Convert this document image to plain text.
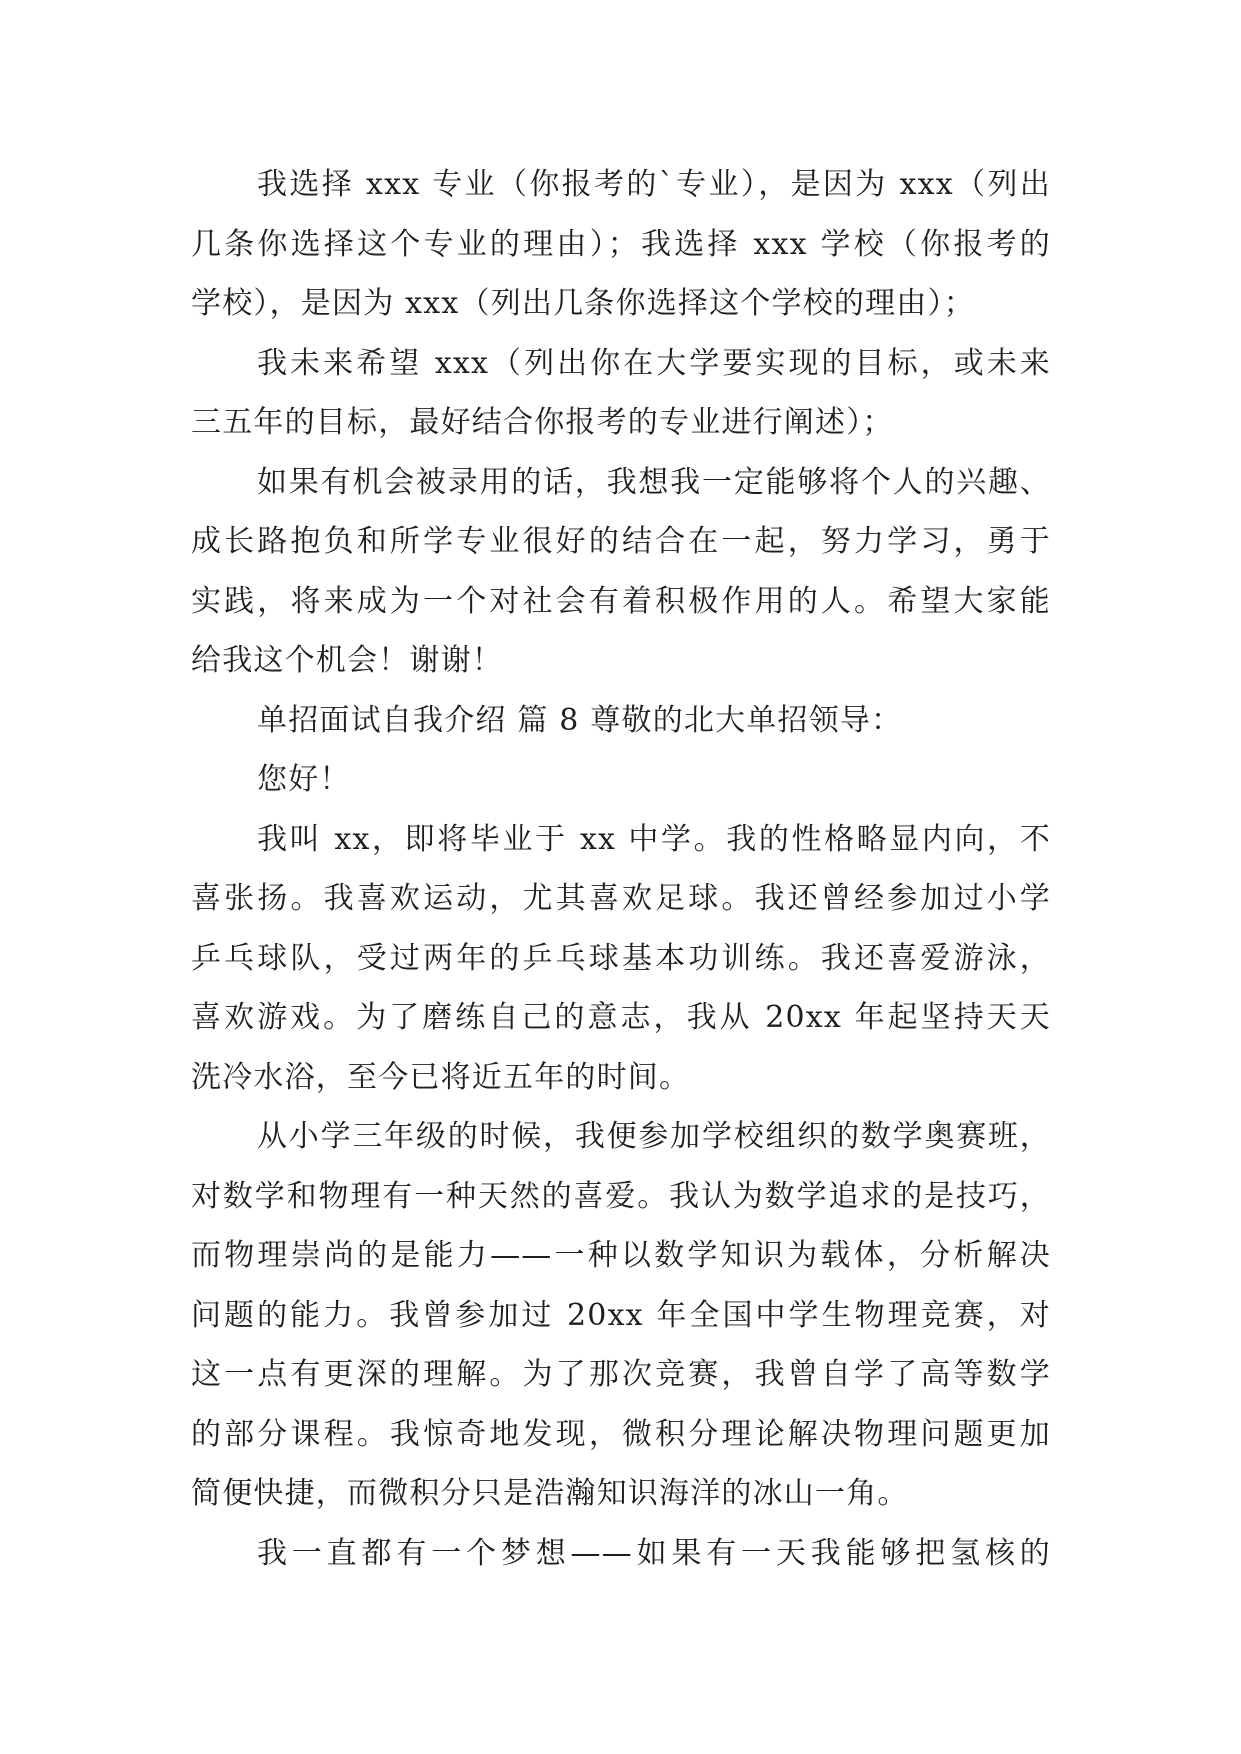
我选择 xxx 专业（你报考的`专业），是因为 xxx（列出
几条你选择这个专业的理由）；我选择 xxx 学校（你报考的
学校），是因为 xxx（列出几条你选择这个学校的理由）；
我未来希望 xxx（列出你在大学要实现的目标，或未来
三五年的目标，最好结合你报考的专业进行阐述）；
如果有机会被录用的话，我想我一定能够将个人的兴趣、
成长路抱负和所学专业很好的结合在一起，努力学习，勇于
实践，将来成为一个对社会有着积极作用的人。希望大家能
给我这个机会！谢谢！
单招面试自我介绍 篇 8 尊敬的北大单招领导：
您好！
我叫 xx，即将毕业于 xx 中学。我的性格略显内向，不
喜张扬。我喜欢运动，尤其喜欢足球。我还曾经参加过小学
乒乓球队，受过两年的乒乓球基本功训练。我还喜爱游泳，
喜欢游戏。为了磨练自己的意志，我从 20xx 年起坚持天天
洗冷水浴，至今已将近五年的时间。
从小学三年级的时候，我便参加学校组织的数学奥赛班，
对数学和物理有一种天然的喜爱。我认为数学追求的是技巧，
而物理崇尚的是能力——一种以数学知识为载体，分析解决
问题的能力。我曾参加过 20xx 年全国中学生物理竞赛，对
这一点有更深的理解。为了那次竞赛，我曾自学了高等数学
的部分课程。我惊奇地发现，微积分理论解决物理问题更加
简便快捷，而微积分只是浩瀚知识海洋的冰山一角。
我一直都有一个梦想——如果有一天我能够把氢核的
